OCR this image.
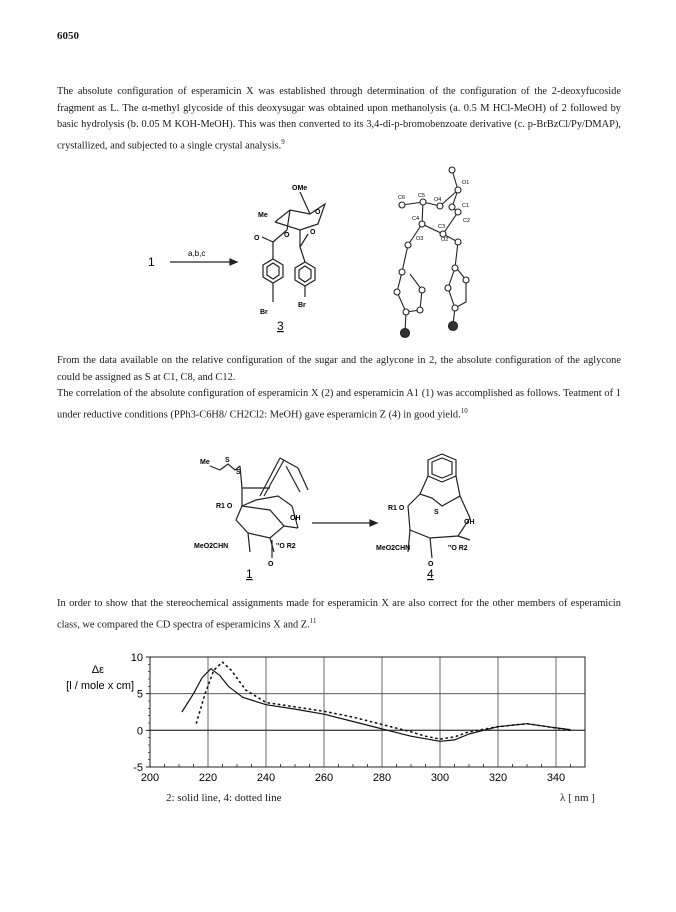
6050
The absolute configuration of esperamicin X was established through determination of the configuration of the 2-deoxyfucoside fragment as L. The α-methyl glycoside of this deoxysugar was obtained upon methanolysis (a. 0.5 M HCl-MeOH) of 2 followed by basic hydrolysis (b. 0.05 M KOH-MeOH). This was then converted to its 3,4-di-p-bromobenzoate derivative (c. p-BrBzCl/Py/DMAP), crystallized, and subjected to a single crystal analysis.$^9$
1
a,b,c
OMe
Me	O
O	O
O
Br
Br
3
C6 C5
O4
O1
C1
C4	C2
C3
O3	O2
From the data available on the relative configuration of the sugar and the aglycone in 2, the absolute configuration of the aglycone could be assigned as S at C1, C8, and C12.
The correlation of the absolute configuration of esperamicin X (2) and esperamicin A1 (1) was accomplished as follows. Teatment of 1 under reductive conditions (PPh3-C6H8/ CH2Cl2: MeOH) gave esperamicin Z (4) in good yield.$^{10}$
Me S
S
R1 O
OH
MeO2CHN	''O R2
O
1
R1 O
S
OH
MeO2CHN	''O R2
O
4
In order to show that the stereochemical assignments made for esperamicin X are also correct for the other members of esperamicin class, we compared the CD spectra of esperamicins X and Z.$^{11}$
Δε
[l / mole x cm]
200	220	240	260	280	300	320	340
10
5
0
-5
2: solid line, 4: dotted line	λ [ nm ]
